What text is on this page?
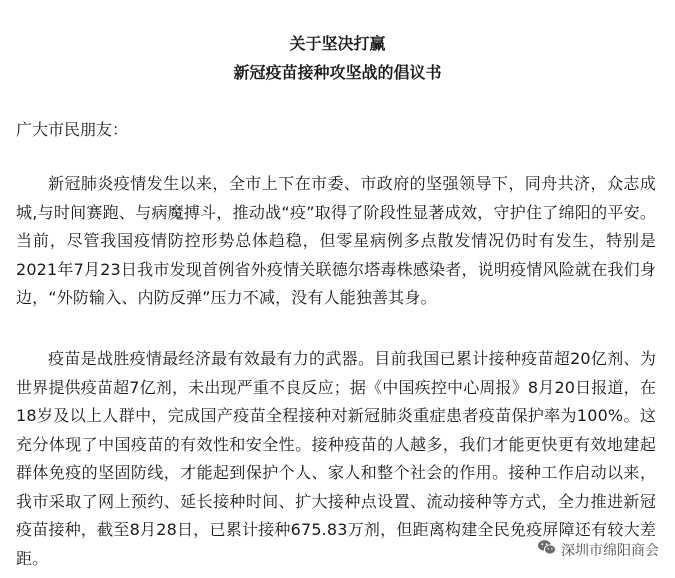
关于坚决打赢
新冠疫苗接种攻坚战的倡议书
广大市民朋友：

新冠肺炎疫情发生以来，全市上下在市委、市政府的坚强领导下，同舟共济，众志成城,与时间赛跑、与病魔搏斗，推动战“疫”取得了阶段性显著成效，守护住了绵阳的平安。当前，尽管我国疫情防控形势总体趋稳，但零星病例多点散发情况仍时有发生，特别是2021年7月23日我市发现首例省外疫情关联德尔塔毒株感染者，说明疫情风险就在我们身边，“外防输入、内防反弹”压力不减，没有人能独善其身。

疫苗是战胜疫情最经济最有效最有力的武器。目前我国已累计接种疫苗超20亿剂、为世界提供疫苗超7亿剂，未出现严重不良反应；据《中国疾控中心周报》8月20日报道，在18岁及以上人群中，完成国产疫苗全程接种对新冠肺炎重症患者疫苗保护率为100%。这充分体现了中国疫苗的有效性和安全性。接种疫苗的人越多，我们才能更快更有效地建起群体免疫的坚固防线，才能起到保护个人、家人和整个社会的作用。接种工作启动以来，我市采取了网上预约、延长接种时间、扩大接种点设置、流动接种等方式，全力推进新冠疫苗接种，截至8月28日，已累计接种675.83万剂，但距离构建全民免疫屏障还有较大差距。	深圳市绵阳商会
